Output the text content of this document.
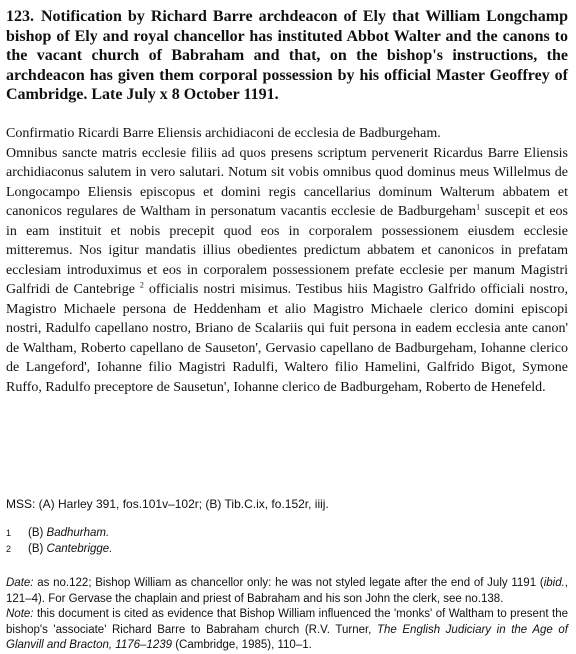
123. Notification by Richard Barre archdeacon of Ely that William Longchamp bishop of Ely and royal chancellor has instituted Abbot Walter and the canons to the vacant church of Babraham and that, on the bishop's instructions, the archdeacon has given them corporal possession by his official Master Geoffrey of Cambridge. Late July x 8 October 1191.

Confirmatio Ricardi Barre Eliensis archidiaconi de ecclesia de Badburgeham.

Omnibus sancte matris ecclesie filiis ad quos presens scriptum pervenerit Ricardus Barre Eliensis archidiaconus salutem in vero salutari. Notum sit vobis omnibus quod dominus meus Willelmus de Longocampo Eliensis episcopus et domini regis cancellarius dominum Walterum abbatem et canonicos regulares de Waltham in personatum vacantis ecclesie de Badburgeham$^1$ suscepit et eos in eam instituit et nobis precepit quod eos in corporalem possessionem eiusdem ecclesie mitteremus. Nos igitur mandatis illius obedientes predictum abbatem et canonicos in prefatam ecclesiam introduximus et eos in corporalem possessionem prefate ecclesie per manum Magistri Galfridi de Cantebrige $^2$ officialis nostri misimus. Testibus hiis Magistro Galfrido officiali nostro, Magistro Michaele persona de Heddenham et alio Magistro Michaele clerico domini episcopi nostri, Radulfo capellano nostro, Briano de Scalariis qui fuit persona in eadem ecclesia ante canon' de Waltham, Roberto capellano de Sauseton', Gervasio capellano de Badburgeham, Iohanne clerico de Langeford', Iohanne filio Magistri Radulfi, Waltero filio Hamelini, Galfrido Bigot, Symone Ruffo, Radulfo preceptore de Sausetun', Iohanne clerico de Badburgeham, Roberto de Henefeld.

MSS: (A) Harley 391, fos.101v–102r; (B) Tib.C.ix, fo.152r, iiij.

1 (B) Badhurham.
2 (B) Cantebrigge.

Date: as no.122; Bishop William as chancellor only: he was not styled legate after the end of July 1191 (ibid., 121–4). For Gervase the chaplain and priest of Babraham and his son John the clerk, see no.138.

Note: this document is cited as evidence that Bishop William influenced the 'monks' of Waltham to present the bishop's 'associate' Richard Barre to Babraham church (R.V. Turner, The English Judiciary in the Age of Glanvill and Bracton, 1176–1239 (Cambridge, 1985), 110–1.
